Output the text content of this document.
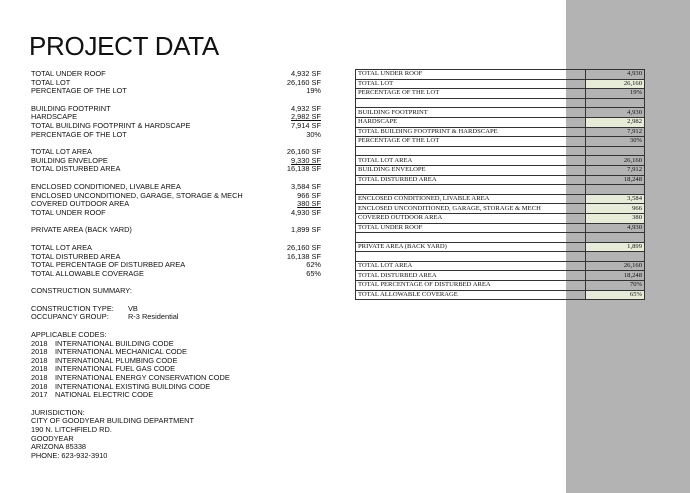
PROJECT DATA
TOTAL UNDER ROOF	4,932 SF
TOTAL LOT	26,160 SF
PERCENTAGE OF THE LOT	19%
BUILDING FOOTPRINT	4,932 SF
HARDSCAPE	2,982 SF
TOTAL BUILDING FOOTPRINT & HARDSCAPE	7,914 SF
PERCENTAGE OF THE LOT	30%
TOTAL LOT AREA	26,160 SF
BUILDING ENVELOPE	9,330 SF
TOTAL DISTURBED AREA	16,138 SF
ENCLOSED CONDITIONED, LIVABLE AREA	3,584 SF
ENCLOSED UNCONDITIONED, GARAGE, STORAGE & MECH	966 SF
COVERED OUTDOOR AREA	380 SF
TOTAL UNDER ROOF	4,930 SF
PRIVATE AREA (BACK YARD)	1,899 SF
TOTAL LOT AREA	26,160 SF
TOTAL DISTURBED AREA	16,138 SF
TOTAL PERCENTAGE OF DISTURBED AREA	62%
TOTAL ALLOWABLE COVERAGE	65%
CONSTRUCTION SUMMARY:
CONSTRUCTION TYPE:	VB
OCCUPANCY GROUP:	R-3 Residential
APPLICABLE CODES:
2018	INTERNATIONAL BUILDING CODE
2018	INTERNATIONAL MECHANICAL CODE
2018	INTERNATIONAL PLUMBING CODE
2018	INTERNATIONAL FUEL GAS CODE
2018	INTERNATIONAL ENERGY CONSERVATION CODE
2018	INTERNATIONAL EXISTING BUILDING CODE
2017	NATIONAL ELECTRIC CODE
JURISDICTION:
CITY OF GOODYEAR BUILDING DEPARTMENT
190 N. LITCHFIELD RD.
GOODYEAR
ARIZONA 85338
PHONE: 623-932-3910
TOTAL UNDER ROOF	4,930
TOTAL LOT	26,160
PERCENTAGE OF THE LOT	19%

BUILDING FOOTPRINT	4,930
HARDSCAPE	2,982
TOTAL BUILDING FOOTPRINT & HARDSCAPE	7,912
PERCENTAGE OF THE LOT	30%

TOTAL LOT AREA	26,160
BUILDING ENVELOPE	7,912
TOTAL DISTURBED AREA	18,248

ENCLOSED CONDITIONED, LIVABLE AREA	3,584
ENCLOSED UNCONDITIONED, GARAGE, STORAGE & MECH	966
COVERED OUTDOOR AREA	380
TOTAL UNDER ROOF	4,930

PRIVATE AREA (BACK YARD)	1,899

TOTAL LOT AREA	26,160
TOTAL DISTURBED AREA	18,248
TOTAL PERCENTAGE OF DISTURBED AREA	70%
TOTAL ALLOWABLE COVERAGE	65%
